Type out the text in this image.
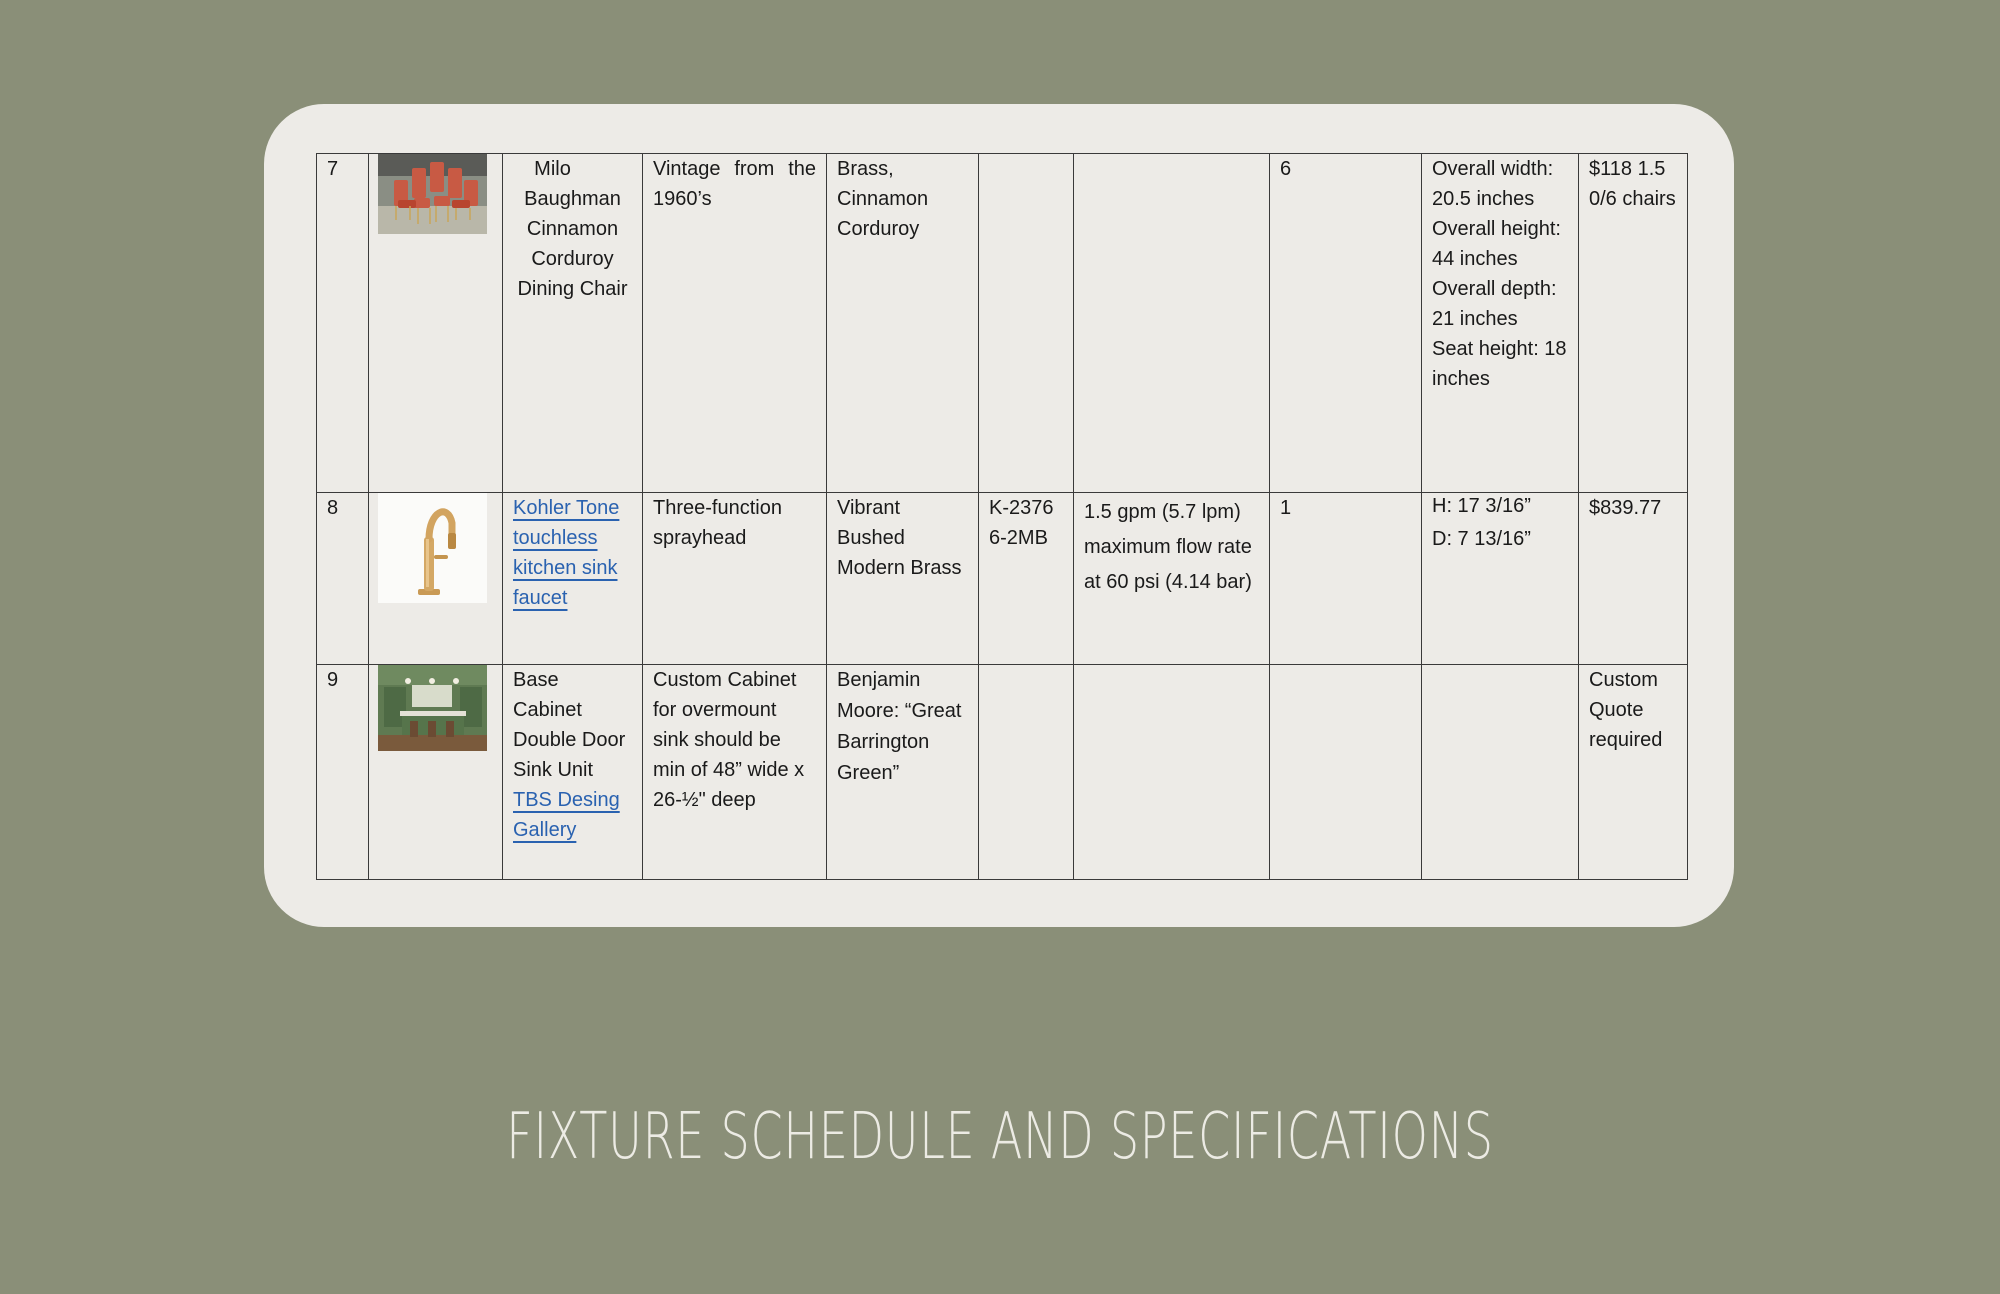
7		Milo
Baughman
Cinnamon
Corduroy
Dining Chair	Vintage from the 1960’s	Brass, Cinnamon Corduroy			6	Overall width: 20.5 inches
Overall height: 44 inches
Overall depth: 21 inches
Seat height: 18 inches	$118 1.50/6 chairs
8		Kohler Tone touchless kitchen sink faucet	Three-function sprayhead	Vibrant Bushed Modern Brass	K-2376 6-2MB	1.5 gpm (5.7 lpm) maximum flow rate at 60 psi (4.14 bar)	1	H: 17 3/16”
D: 7 13/16”	$839.77
9		Base Cabinet Double Door Sink Unit TBS Desing Gallery	Custom Cabinet for overmount sink should be min of 48” wide x 26-½" deep	Benjamin Moore: “Great Barrington Green”					Custom Quote required
FIXTURE SCHEDULE AND SPECIFICATIONS
